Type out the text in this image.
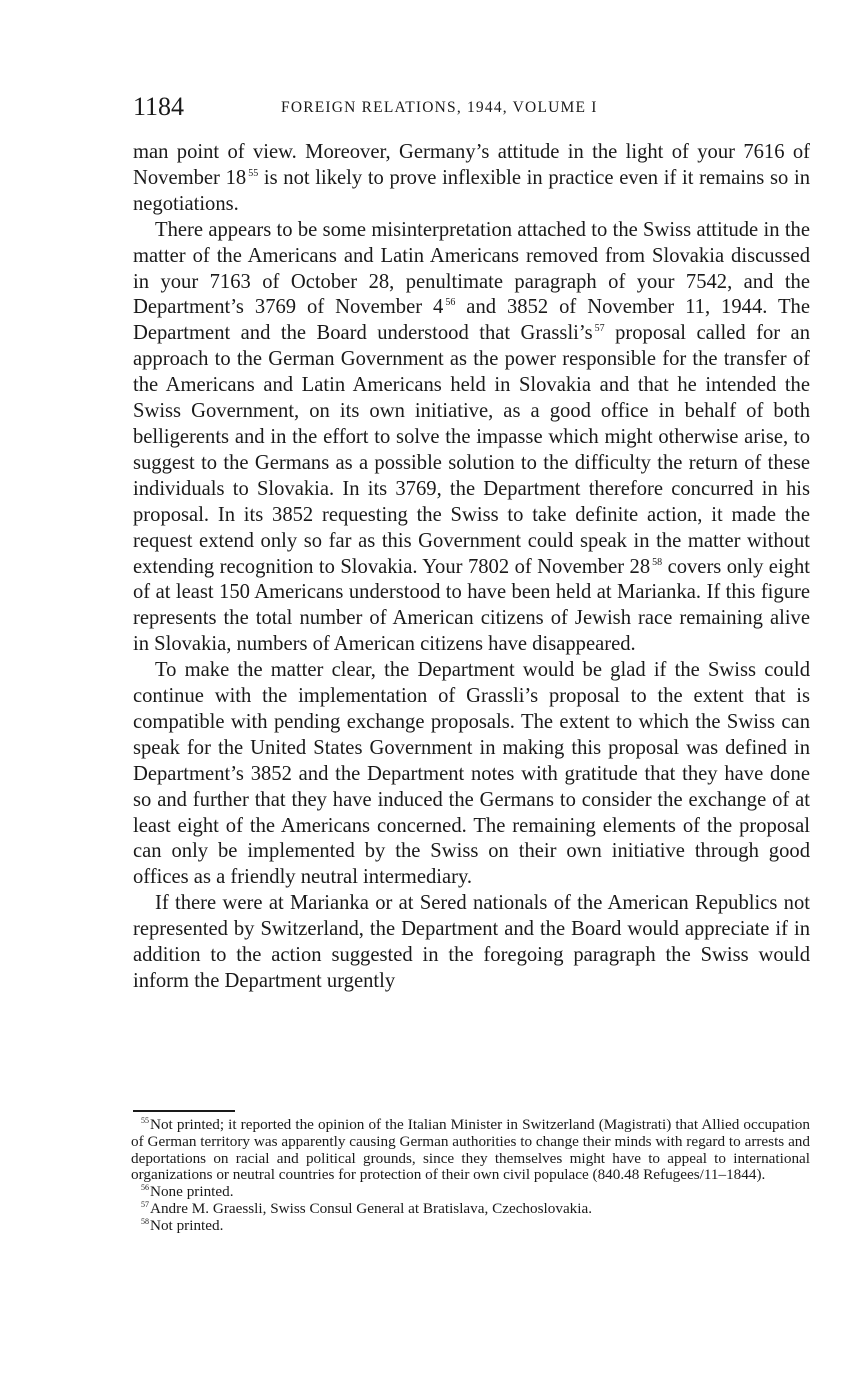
1184	FOREIGN RELATIONS, 1944, VOLUME I

man point of view. Moreover, Germany’s attitude in the light of your 7616 of November 18 $^{55}$ is not likely to prove inflexible in practice even if it remains so in negotiations.

There appears to be some misinterpretation attached to the Swiss attitude in the matter of the Americans and Latin Americans removed from Slovakia discussed in your 7163 of October 28, penultimate paragraph of your 7542, and the Department’s 3769 of November 4 $^{56}$ and 3852 of November 11, 1944. The Department and the Board understood that Grassli’s $^{57}$ proposal called for an approach to the German Government as the power responsible for the transfer of the Americans and Latin Americans held in Slovakia and that he intended the Swiss Government, on its own initiative, as a good office in behalf of both belligerents and in the effort to solve the impasse which might otherwise arise, to suggest to the Germans as a possible solution to the difficulty the return of these individuals to Slovakia. In its 3769, the Department therefore concurred in his proposal. In its 3852 requesting the Swiss to take definite action, it made the request extend only so far as this Government could speak in the matter without extending recognition to Slovakia. Your 7802 of November 28 $^{58}$ covers only eight of at least 150 Americans understood to have been held at Marianka. If this figure represents the total number of American citizens of Jewish race remaining alive in Slovakia, numbers of American citizens have disappeared.

To make the matter clear, the Department would be glad if the Swiss could continue with the implementation of Grassli’s proposal to the extent that is compatible with pending exchange proposals. The extent to which the Swiss can speak for the United States Government in making this proposal was defined in Department’s 3852 and the Department notes with gratitude that they have done so and further that they have induced the Germans to consider the exchange of at least eight of the Americans concerned. The remaining elements of the proposal can only be implemented by the Swiss on their own initiative through good offices as a friendly neutral intermediary.

If there were at Marianka or at Sered nationals of the American Republics not represented by Switzerland, the Department and the Board would appreciate if in addition to the action suggested in the foregoing paragraph the Swiss would inform the Department urgently

$^{55}$Not printed; it reported the opinion of the Italian Minister in Switzerland (Magistrati) that Allied occupation of German territory was apparently causing German authorities to change their minds with regard to arrests and deportations on racial and political grounds, since they themselves might have to appeal to international organizations or neutral countries for protection of their own civil populace (840.48 Refugees/11–1844).

$^{56}$None printed.

$^{57}$Andre M. Graessli, Swiss Consul General at Bratislava, Czechoslovakia.

$^{58}$Not printed.
